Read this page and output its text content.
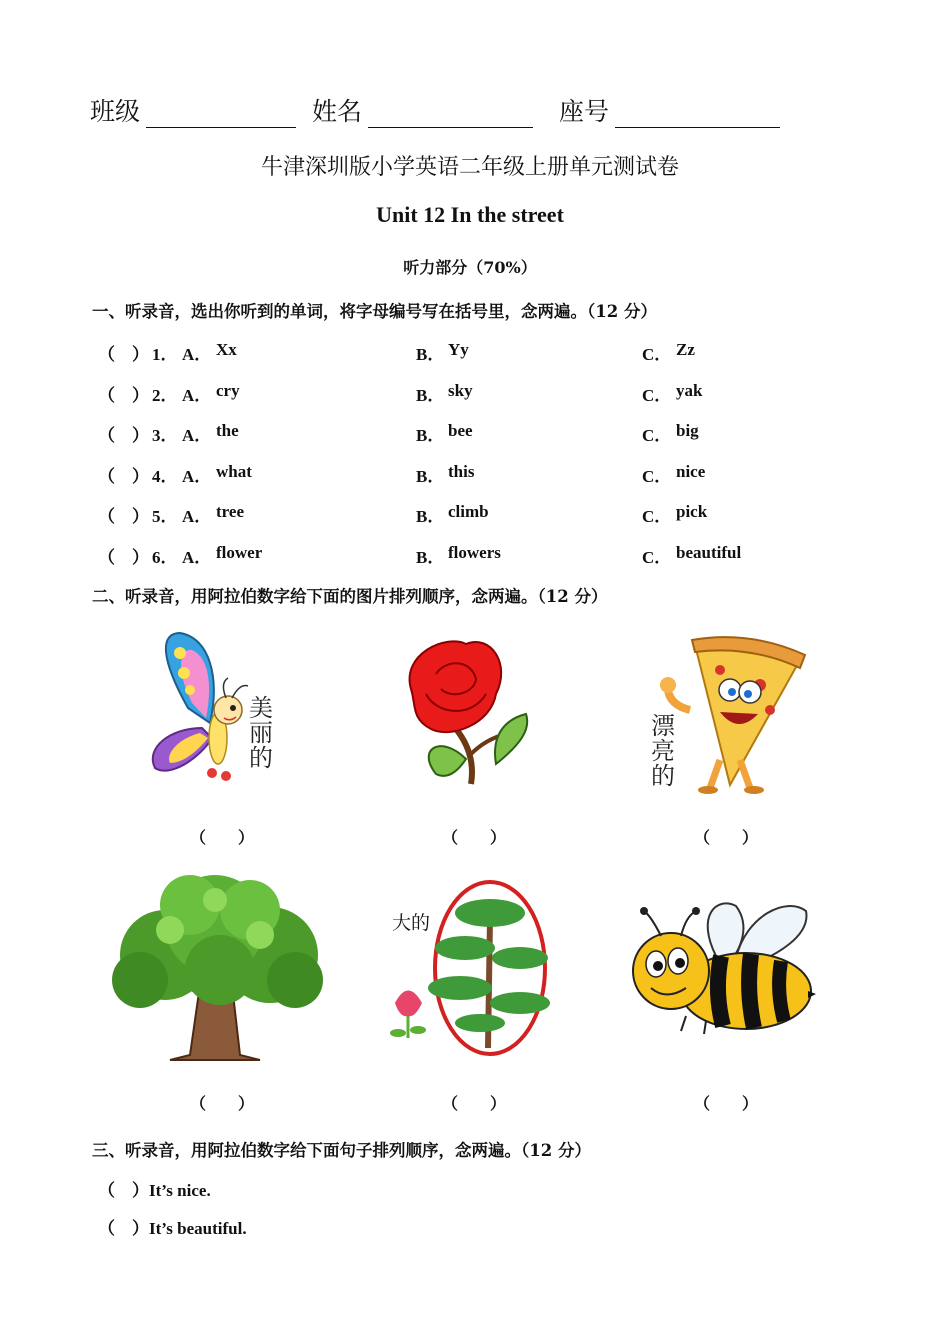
班级	姓名	座号
牛津深圳版小学英语二年级上册单元测试卷
Unit 12 In the street
听力部分（70%）
一、听录音，选出你听到的单词，将字母编号写在括号里，念两遍。（12 分）
（　） 1． A． Xx	B． Yy	C． Zz
（　） 2． A． cry	B． sky	C． yak
（　） 3． A． the	B． bee	C． big
（　） 4． A． what	B． this	C． nice
（　） 5． A． tree	B． climb	C． pick
（　） 6． A． flower	B． flowers	C． beautiful
二、听录音，用阿拉伯数字给下面的图片排列顺序，念两遍。（12 分）
美
丽
的
漂
亮
的
（　　）	（　　）	（　　）
大的
（　　）	（　　）	（　　）
三、听录音，用阿拉伯数字给下面句子排列顺序，念两遍。（12 分）
（　）It’s nice.
（　）It’s beautiful.
